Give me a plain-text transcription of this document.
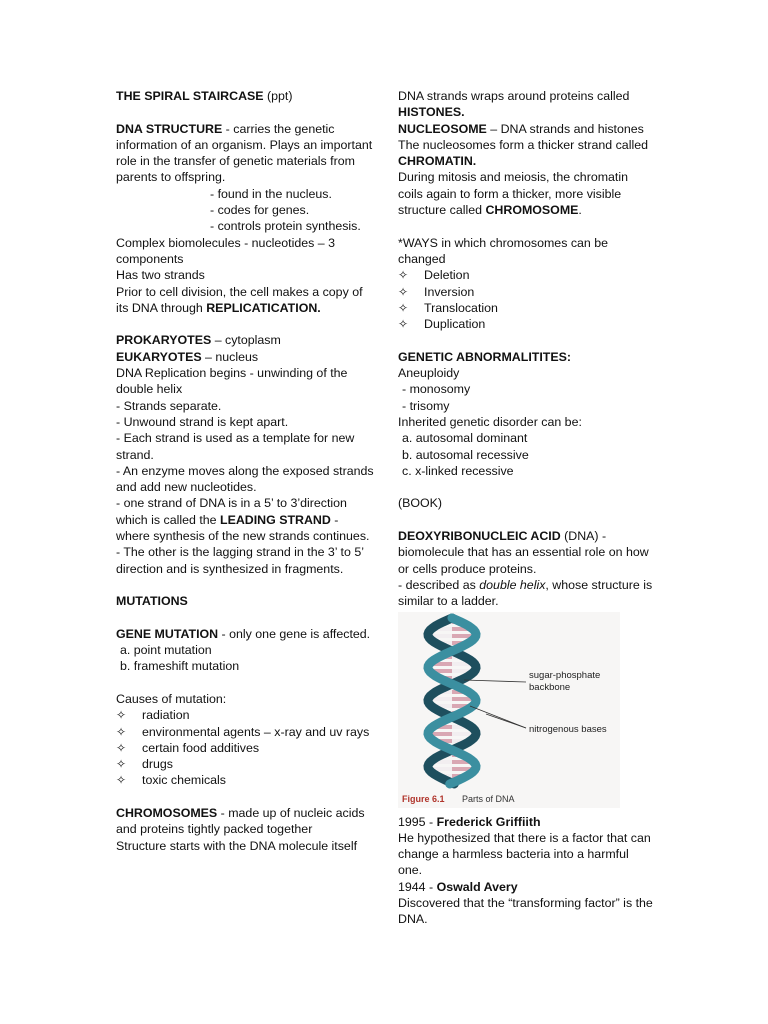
THE SPIRAL STAIRCASE (ppt)

DNA STRUCTURE - carries the genetic information of an organism. Plays an important role in the transfer of genetic materials from parents to offspring.

- found in the nucleus.

- codes for genes.

- controls protein synthesis.

Complex biomolecules - nucleotides – 3 components

Has two strands

Prior to cell division, the cell makes a copy of its DNA through REPLICATICATION.

PROKARYOTES – cytoplasm

EUKARYOTES – nucleus

DNA Replication begins - unwinding of the double helix

- Strands separate.

- Unwound strand is kept apart.

- Each strand is used as a template for new strand.

- An enzyme moves along the exposed strands and add new nucleotides.

- one strand of DNA is in a 5’ to 3’direction which is called the LEADING STRAND - where synthesis of the new strands continues.

- The other is the lagging strand in the 3’ to 5’ direction and is synthesized in fragments.

MUTATIONS

GENE MUTATION - only one gene is affected.

a. point mutation

b. frameshift mutation

Causes of mutation:

✧ radiation
✧ environmental agents – x-ray and uv rays
✧ certain food additives
✧ drugs
✧ toxic chemicals

CHROMOSOMES - made up of nucleic acids and proteins tightly packed together

Structure starts with the DNA molecule itself

DNA strands wraps around proteins called

HISTONES.

NUCLEOSOME – DNA strands and histones

The nucleosomes form a thicker strand called CHROMATIN.

During mitosis and meiosis, the chromatin coils again to form a thicker, more visible structure called CHROMOSOME.

*WAYS in which chromosomes can be changed

✧ Deletion
✧ Inversion
✧ Translocation
✧ Duplication

GENETIC ABNORMALITITES:

Aneuploidy

- monosomy

- trisomy

Inherited genetic disorder can be:

a. autosomal dominant

b. autosomal recessive

c. x-linked recessive

(BOOK)

DEOXYRIBONUCLEIC ACID (DNA) -

biomolecule that has an essential role on how or cells produce proteins.

- described as double helix, whose structure is similar to a ladder.

sugar-phosphate
backbone
nitrogenous bases
Figure 6.1 Parts of DNA

1995 - Frederick Griffiith

He hypothesized that there is a factor that can change a harmless bacteria into a harmful one.

1944 - Oswald Avery

Discovered that the “transforming factor” is the DNA.
